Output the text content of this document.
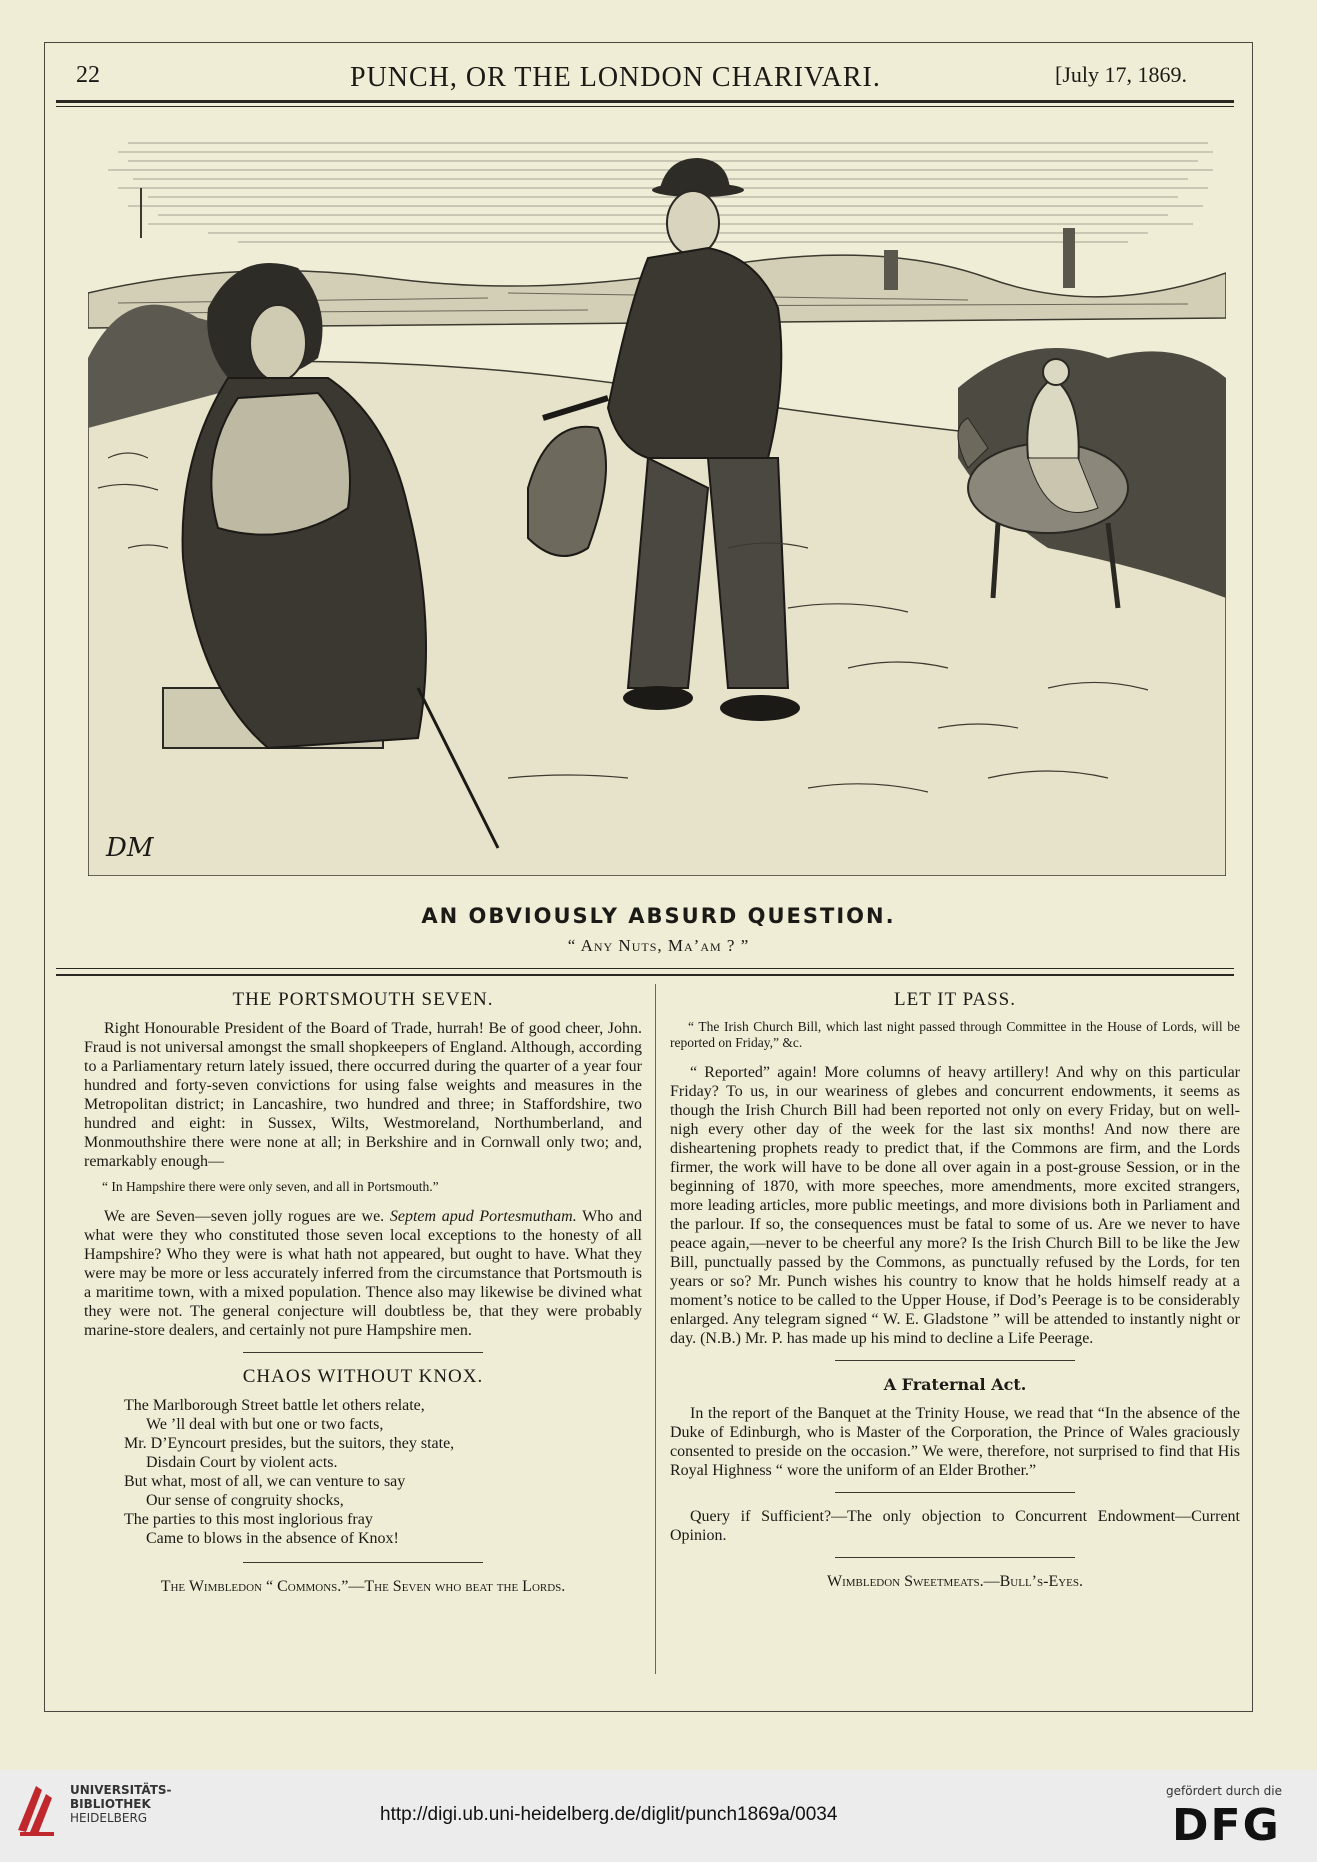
22	PUNCH, OR THE LONDON CHARIVARI.	[July 17, 1869.
DM
AN OBVIOUSLY ABSURD QUESTION.
“ Any Nuts, Ma’am ? ”
THE PORTSMOUTH SEVEN.
Right Honourable President of the Board of Trade, hurrah! Be of good cheer, John. Fraud is not universal amongst the small shopkeepers of England. Although, according to a Parliamentary return lately issued, there occurred during the quarter of a year four hundred and forty-seven convictions for using false weights and measures in the Metropolitan district; in Lancashire, two hundred and three; in Staffordshire, two hundred and eight: in Sussex, Wilts, Westmoreland, Northumberland, and Monmouthshire there were none at all; in Berkshire and in Cornwall only two; and, remarkably enough—
“ In Hampshire there were only seven, and all in Portsmouth.”
We are Seven—seven jolly rogues are we. Septem apud Portesmutham. Who and what were they who constituted those seven local exceptions to the honesty of all Hampshire? Who they were is what hath not appeared, but ought to have. What they were may be more or less accurately inferred from the circumstance that Portsmouth is a maritime town, with a mixed population. Thence also may likewise be divined what they were not. The general conjecture will doubtless be, that they were probably marine-store dealers, and certainly not pure Hampshire men.
CHAOS WITHOUT KNOX.
The Marlborough Street battle let others relate,
We ’ll deal with but one or two facts,
Mr. D’Eyncourt presides, but the suitors, they state,
Disdain Court by violent acts.
But what, most of all, we can venture to say
Our sense of congruity shocks,
The parties to this most inglorious fray
Came to blows in the absence of Knox!
The Wimbledon “ Commons.”—The Seven who beat the Lords.
LET IT PASS.
“ The Irish Church Bill, which last night passed through Committee in the House of Lords, will be reported on Friday,” &c.
“ Reported” again! More columns of heavy artillery! And why on this particular Friday? To us, in our weariness of glebes and concurrent endowments, it seems as though the Irish Church Bill had been reported not only on every Friday, but on well-nigh every other day of the week for the last six months! And now there are disheartening prophets ready to predict that, if the Commons are firm, and the Lords firmer, the work will have to be done all over again in a post-grouse Session, or in the beginning of 1870, with more speeches, more amendments, more excited strangers, more leading articles, more public meetings, and more divisions both in Parliament and the parlour. If so, the consequences must be fatal to some of us. Are we never to have peace again,—never to be cheerful any more? Is the Irish Church Bill to be like the Jew Bill, punctually passed by the Commons, as punctually refused by the Lords, for ten years or so? Mr. Punch wishes his country to know that he holds himself ready at a moment’s notice to be called to the Upper House, if Dod’s Peerage is to be considerably enlarged. Any telegram signed “ W. E. Gladstone ” will be attended to instantly night or day. (N.B.) Mr. P. has made up his mind to decline a Life Peerage.
A Fraternal Act.
In the report of the Banquet at the Trinity House, we read that “In the absence of the Duke of Edinburgh, who is Master of the Corporation, the Prince of Wales graciously consented to preside on the occasion.” We were, therefore, not surprised to find that His Royal Highness “ wore the uniform of an Elder Brother.”
Query if Sufficient?—The only objection to Concurrent Endowment—Current Opinion.
Wimbledon Sweetmeats.—Bull’s-Eyes.
UNIVERSITÄTS-
BIBLIOTHEK
HEIDELBERG	http://digi.ub.uni-heidelberg.de/diglit/punch1869a/0034
gefördert durch die
DFG
